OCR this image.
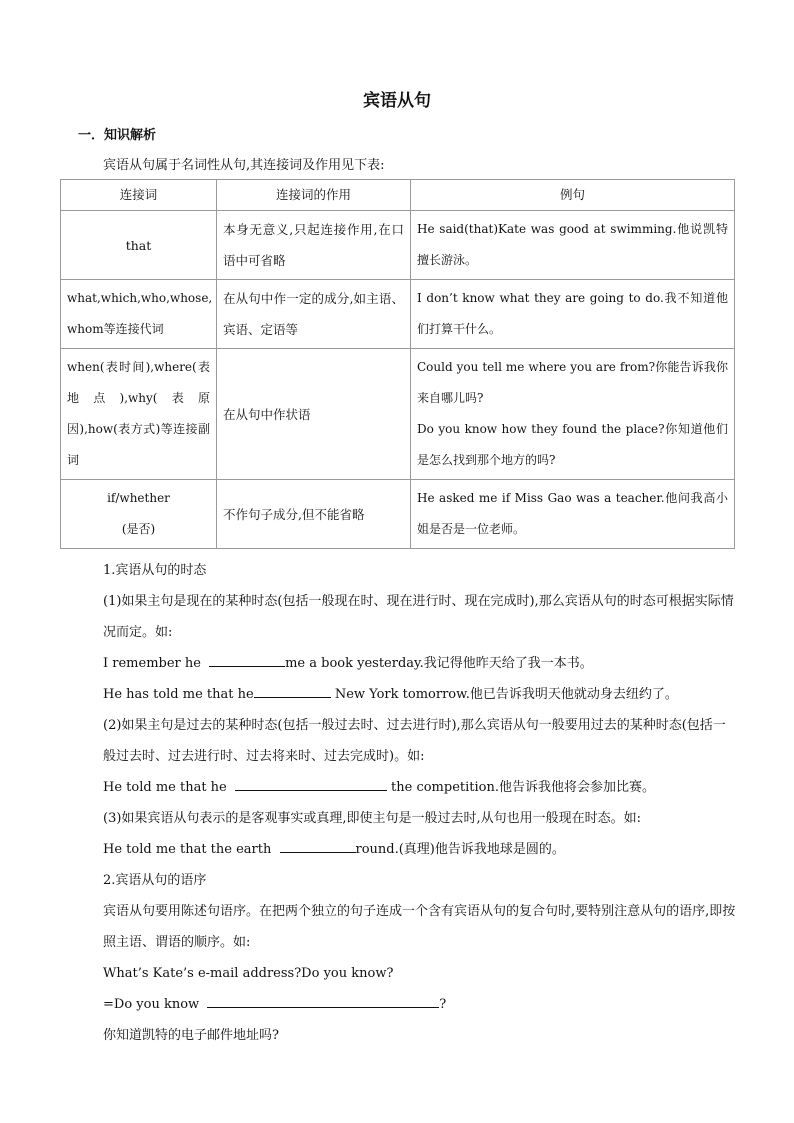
宾语从句
一．知识解析
宾语从句属于名词性从句,其连接词及作用见下表:
连接词	连接词的作用	例句
that	本身无意义,只起连接作用,在口语中可省略	He said(that)Kate was good at swimming.他说凯特擅长游泳。

what,which,who,whose, whom等连接代词	在从句中作一定的成分,如主语、宾语、定语等	I don’t know what they are going to do.我不知道他们打算干什么。

when(表时间),where(表地点),why(表原因),how(表方式)等连接副词	在从句中作状语	Could you tell me where you are from?你能告诉我你来自哪儿吗?
Do you know how they found the place?你知道他们是怎么找到那个地方的吗?

if/whether
(是否)	不作句子成分,但不能省略	He asked me if Miss Gao was a teacher.他问我高小姐是否是一位老师。

1.宾语从句的时态

(1)如果主句是现在的某种时态(包括一般现在时、现在进行时、现在完成时),那么宾语从句的时态可根据实际情况而定。如:

I remember he	me a book yesterday.我记得他昨天给了我一本书。

He has told me that he	New York tomorrow.他已告诉我明天他就动身去纽约了。

(2)如果主句是过去的某种时态(包括一般过去时、过去进行时),那么宾语从句一般要用过去的某种时态(包括一般过去时、过去进行时、过去将来时、过去完成时)。如:

He told me that he	the competition.他告诉我他将会参加比赛。

(3)如果宾语从句表示的是客观事实或真理,即使主句是一般过去时,从句也用一般现在时态。如:

He told me that the earth	round.(真理)他告诉我地球是圆的。

2.宾语从句的语序

宾语从句要用陈述句语序。在把两个独立的句子连成一个含有宾语从句的复合句时,要特别注意从句的语序,即按照主语、谓语的顺序。如:

What’s Kate’s e-mail address?Do you know?

=Do you know	?

你知道凯特的电子邮件地址吗?
